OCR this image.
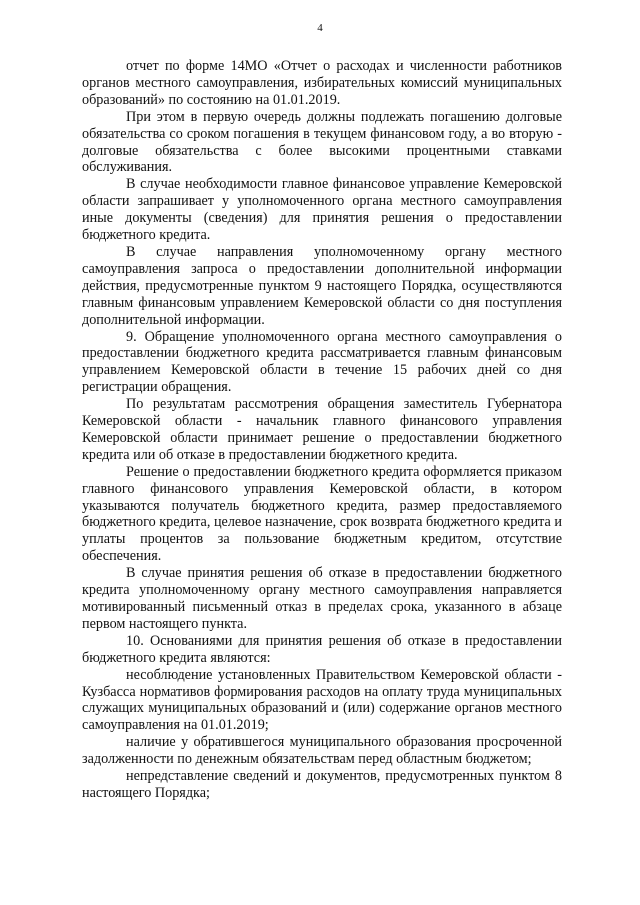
4

отчет по форме 14МО «Отчет о расходах и численности работников органов местного самоуправления, избирательных комиссий муниципальных образований» по состоянию на 01.01.2019.

При этом в первую очередь должны подлежать погашению долговые обязательства со сроком погашения в текущем финансовом году, а во вторую - долговые обязательства с более высокими процентными ставками обслуживания.

В случае необходимости главное финансовое управление Кемеровской области запрашивает у уполномоченного органа местного самоуправления иные документы (сведения) для принятия решения о предоставлении бюджетного кредита.

В случае направления уполномоченному органу местного самоуправления запроса о предоставлении дополнительной информации действия, предусмотренные пунктом 9 настоящего Порядка, осуществляются главным финансовым управлением Кемеровской области со дня поступления дополнительной информации.

9. Обращение уполномоченного органа местного самоуправления о предоставлении бюджетного кредита рассматривается главным финансовым управлением Кемеровской области в течение 15 рабочих дней со дня регистрации обращения.

По результатам рассмотрения обращения заместитель Губернатора Кемеровской области - начальник главного финансового управления Кемеровской области принимает решение о предоставлении бюджетного кредита или об отказе в предоставлении бюджетного кредита.

Решение о предоставлении бюджетного кредита оформляется приказом главного финансового управления Кемеровской области, в котором указываются получатель бюджетного кредита, размер предоставляемого бюджетного кредита, целевое назначение, срок возврата бюджетного кредита и уплаты процентов за пользование бюджетным кредитом, отсутствие обеспечения.

В случае принятия решения об отказе в предоставлении бюджетного кредита уполномоченному органу местного самоуправления направляется мотивированный письменный отказ в пределах срока, указанного в абзаце первом настоящего пункта.

10. Основаниями для принятия решения об отказе в предоставлении бюджетного кредита являются:

несоблюдение установленных Правительством Кемеровской области - Кузбасса нормативов формирования расходов на оплату труда муниципальных служащих муниципальных образований и (или) содержание органов местного самоуправления на 01.01.2019;

наличие у обратившегося муниципального образования просроченной задолженности по денежным обязательствам перед областным бюджетом;

непредставление сведений и документов, предусмотренных пунктом 8 настоящего Порядка;
